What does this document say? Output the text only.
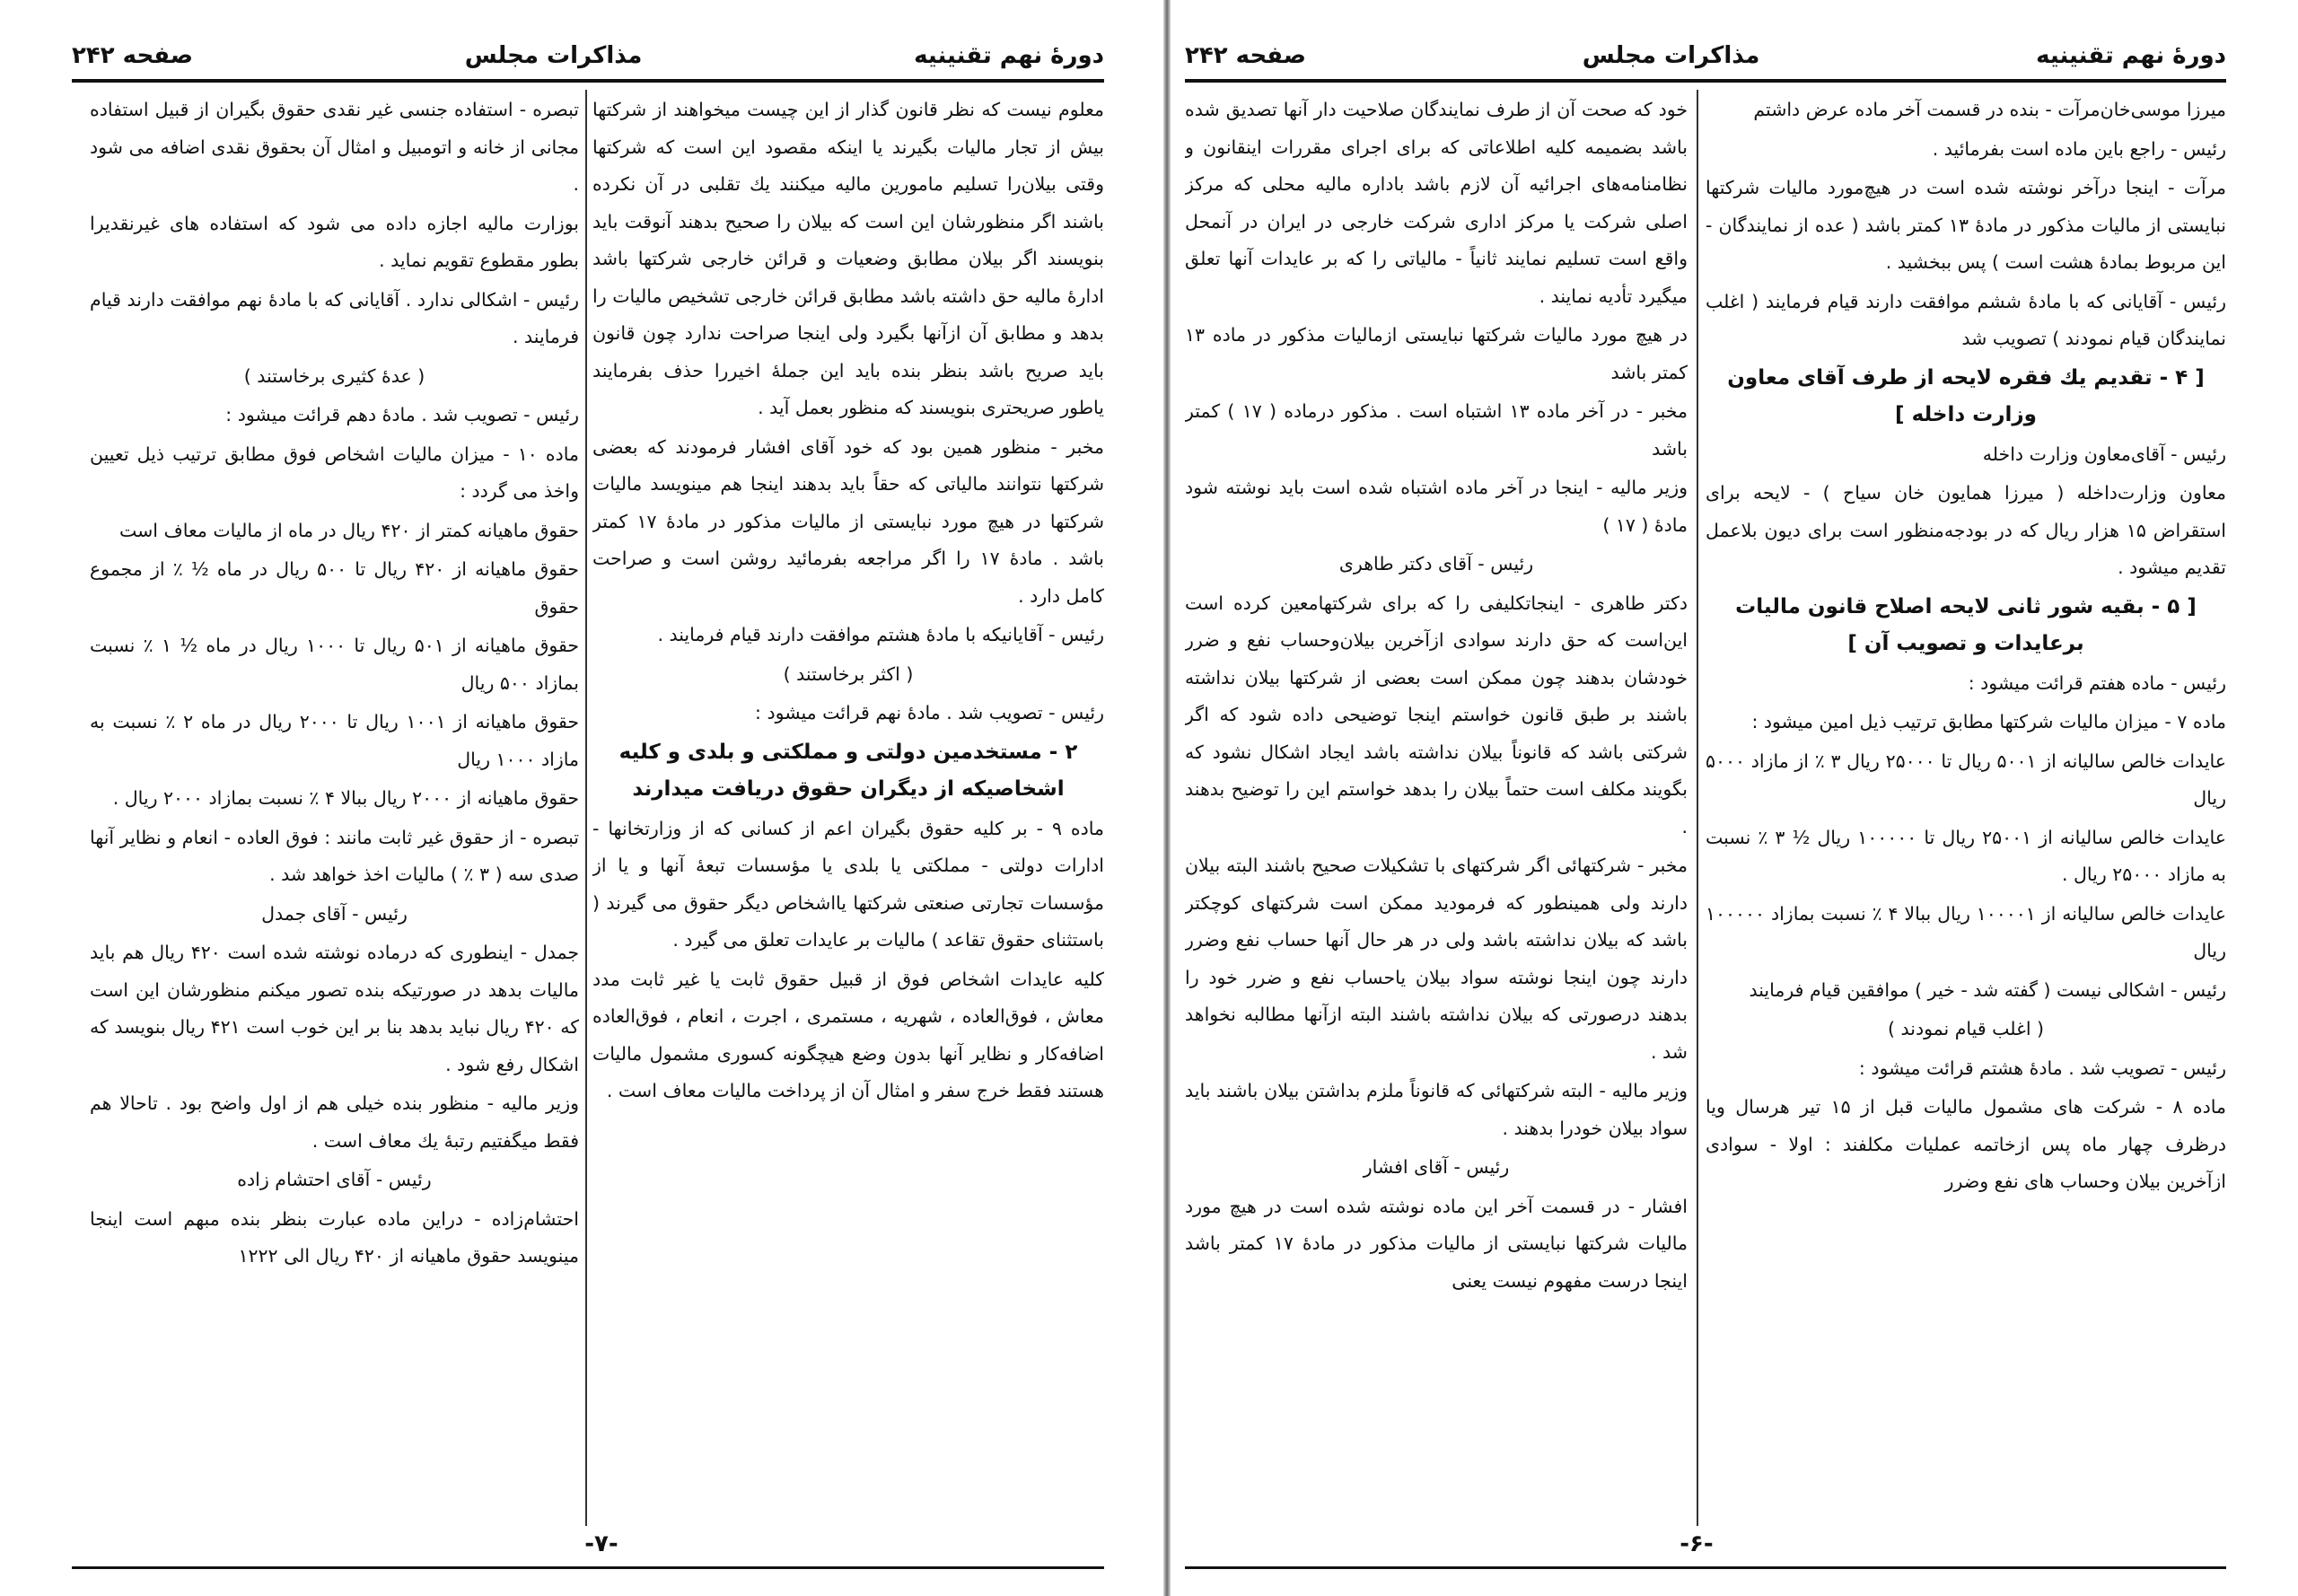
دورهٔ نهم تقنینیه
مذاکرات مجلس
صفحه ۲۴۲

معلوم نیست که نظر قانون گذار از این چیست میخواهند از شرکتها بیش از تجار مالیات بگیرند یا اینکه مقصود این است که شرکتها وقتی بیلان‌را تسلیم مامورین مالیه میکنند یك تقلبی در آن نکرده باشند اگر منظورشان این است که بیلان را صحیح بدهند آنوقت باید بنویسند اگر بیلان مطابق وضعیات و قرائن خارجی شرکتها باشد ادارهٔ مالیه حق داشته باشد مطابق قرائن خارجی تشخیص مالیات را بدهد و مطابق آن ازآنها بگیرد ولی اینجا صراحت ندارد چون قانون باید صریح باشد بنظر بنده باید این جملهٔ اخیررا حذف بفرمایند یاطور صریحتری بنویسند که منظور بعمل آید .

مخبر - منظور همین بود که خود آقای افشار فرمودند که بعضی شرکتها نتوانند مالیاتی که حقاً باید بدهند اینجا هم مینویسد مالیات شرکتها در هیچ مورد نبایستی از مالیات مذکور در مادهٔ ۱۷ کمتر باشد . مادهٔ ۱۷ را اگر مراجعه بفرمائید روشن است و صراحت کامل دارد .

رئیس - آقایانیکه با مادهٔ هشتم موافقت دارند قیام فرمایند .

( اکثر برخاستند )

رئیس - تصویب شد . مادهٔ نهم قرائت میشود :

۲ - مستخدمین دولتی و مملکتی و بلدی و کلیه اشخاصیکه از دیگران حقوق دریافت میدارند

ماده ۹ - بر کلیه حقوق بگیران اعم از کسانی که از وزارتخانها - ادارات دولتی - مملکتی یا بلدی یا مؤسسات تبعهٔ آنها و یا از مؤسسات تجارتی صنعتی شرکتها یااشخاص دیگر حقوق می گیرند ( باستثنای حقوق تقاعد ) مالیات بر عایدات تعلق می گیرد .

کلیه عایدات اشخاص فوق از قبیل حقوق ثابت یا غیر ثابت مدد معاش ، فوق‌العاده ، شهریه ، مستمری ، اجرت ، انعام ، فوق‌العاده اضافه‌کار و نظایر آنها بدون وضع هیچگونه کسوری مشمول مالیات هستند فقط خرج سفر و امثال آن از پرداخت مالیات معاف است .

تبصره - استفاده جنسی غیر نقدی حقوق بگیران از قبیل استفاده مجانی از خانه و اتومبیل و امثال آن بحقوق نقدی اضافه می شود .

بوزارت مالیه اجازه داده می شود که استفاده های غیرنقدیرا بطور مقطوع تقویم نماید .

رئیس - اشکالی ندارد . آقایانی که با مادهٔ نهم موافقت دارند قیام فرمایند .

( عدهٔ کثیری برخاستند )

رئیس - تصویب شد . مادهٔ دهم قرائت میشود :

ماده ۱۰ - میزان مالیات اشخاص فوق مطابق ترتیب ذیل تعیین واخذ می گردد :

حقوق ماهیانه کمتر از ۴۲۰ ریال در ماه از مالیات معاف است

حقوق ماهیانه از ۴۲۰ ریال تا ۵۰۰ ریال در ماه ½ ٪ از مجموع حقوق

حقوق ماهیانه از ۵۰۱ ریال تا ۱۰۰۰ ریال در ماه ½ ۱ ٪ نسبت بمازاد ۵۰۰ ریال

حقوق ماهیانه از ۱۰۰۱ ریال تا ۲۰۰۰ ریال در ماه ۲ ٪ نسبت به مازاد ۱۰۰۰ ریال

حقوق ماهیانه از ۲۰۰۰ ریال ببالا ۴ ٪ نسبت بمازاد ۲۰۰۰ ریال .

تبصره - از حقوق غیر ثابت مانند : فوق العاده - انعام و نظایر آنها صدی سه ( ۳ ٪ ) مالیات اخذ خواهد شد .

رئیس - آقای جمدل

جمدل - اینطوری که درماده نوشته شده است ۴۲۰ ریال هم باید مالیات بدهد در صورتیکه بنده تصور میکنم منظورشان این است که ۴۲۰ ریال نباید بدهد بنا بر این خوب است ۴۲۱ ریال بنویسد که اشکال رفع شود .

وزیر مالیه - منظور بنده خیلی هم از اول واضح بود . تاحالا هم فقط میگفتیم رتبهٔ یك معاف است .

رئیس - آقای احتشام زاده

احتشام‌زاده - دراین ماده عبارت بنظر بنده مبهم است اینجا مینویسد حقوق ماهیانه از ۴۲۰ ریال الی ۱۲۲۲

-۷-
دورهٔ نهم تقنینیه
مذاکرات مجلس
صفحه ۲۴۲

میرزا موسی‌خان‌مرآت - بنده در قسمت آخر ماده عرض داشتم

رئیس - راجع باین ماده است بفرمائید .

مرآت - اینجا درآخر نوشته شده است در هیچ‌مورد مالیات شرکتها نبایستی از مالیات مذکور در مادهٔ ۱۳ کمتر باشد ( عده از نمایندگان - این مربوط بمادهٔ هشت است ) پس ببخشید .

رئیس - آقایانی که با مادهٔ ششم موافقت دارند قیام فرمایند ( اغلب نمایندگان قیام نمودند ) تصویب شد

[ ۴ - تقدیم یك فقره لایحه از طرف آقای معاون وزارت داخله ]

رئیس - آقای‌معاون وزارت داخله

معاون وزارت‌داخله ( میرزا همایون خان سیاح ) - لایحه برای استقراض ۱۵ هزار ریال که در بودجه‌منظور است برای دیون بلاعمل تقدیم میشود .

[ ۵ - بقیه شور ثانی لایحه اصلاح قانون مالیات برعایدات و تصویب آن ]

رئیس - ماده هفتم قرائت میشود :

ماده ۷ - میزان مالیات شرکتها مطابق ترتیب ذیل امین میشود :

عایدات خالص سالیانه از ۵۰۰۱ ریال تا ۲۵۰۰۰ ریال ۳ ٪ از مازاد ۵۰۰۰ ریال

عایدات خالص سالیانه از ۲۵۰۰۱ ریال تا ۱۰۰۰۰۰ ریال ½ ۳ ٪ نسبت به مازاد ۲۵۰۰۰ ریال .

عایدات خالص سالیانه از ۱۰۰۰۰۱ ریال ببالا ۴ ٪ نسبت بمازاد ۱۰۰۰۰۰ ریال

رئیس - اشکالی نیست ( گفته شد - خیر ) موافقین قیام فرمایند

( اغلب قیام نمودند )

رئیس - تصویب شد . مادهٔ هشتم قرائت میشود :

ماده ۸ - شرکت های مشمول مالیات قبل از ۱۵ تیر هرسال ویا درظرف چهار ماه پس ازخاتمه عملیات مکلفند : اولا - سوادی ازآخرین بیلان وحساب های نفع وضرر

خود که صحت آن از طرف نمایندگان صلاحیت دار آنها تصدیق شده باشد بضمیمه کلیه اطلاعاتی که برای اجرای مقررات اینقانون و نظامنامه‌های اجرائیه آن لازم باشد باداره مالیه محلی که مرکز اصلی شرکت یا مرکز اداری شرکت خارجی در ایران در آنمحل واقع است تسلیم نمایند ثانیاً - مالیاتی را که بر عایدات آنها تعلق میگیرد تأدیه نمایند .

در هیچ مورد مالیات شرکتها نبایستی ازمالیات مذکور در ماده ۱۳ کمتر باشد

مخبر - در آخر ماده ۱۳ اشتباه است . مذکور درماده ( ۱۷ ) کمتر باشد

وزیر مالیه - اینجا در آخر ماده اشتباه شده است باید نوشته شود مادهٔ ( ۱۷ )

رئیس - آقای دکتر طاهری

دکتر طاهری - اینجاتکلیفی را که برای شرکتهامعین کرده است این‌است که حق دارند سوادی ازآخرین بیلان‌وحساب نفع و ضرر خودشان بدهند چون ممکن است بعضی از شرکتها بیلان نداشته باشند بر طبق قانون خواستم اینجا توضیحی داده شود که اگر شرکتی باشد که قانوناً بیلان نداشته باشد ایجاد اشکال نشود که بگویند مکلف است حتماً بیلان را بدهد خواستم این را توضیح بدهند .

مخبر - شرکتهائی اگر شرکتهای با تشکیلات صحیح باشند البته بیلان دارند ولی همینطور که فرمودید ممکن است شرکتهای کوچکتر باشد که بیلان نداشته باشد ولی در هر حال آنها حساب نفع وضرر دارند چون اینجا نوشته سواد بیلان یاحساب نفع و ضرر خود را بدهند درصورتی که بیلان نداشته باشند البته ازآنها مطالبه نخواهد شد .

وزیر مالیه - البته شرکتهائی که قانوناً ملزم بداشتن بیلان باشند باید سواد بیلان خودرا بدهند .

رئیس - آقای افشار

افشار - در قسمت آخر این ماده نوشته شده است در هیچ مورد مالیات شرکتها نبایستی از مالیات مذکور در مادهٔ ۱۷ کمتر باشد اینجا درست مفهوم نیست یعنی

-۶-
